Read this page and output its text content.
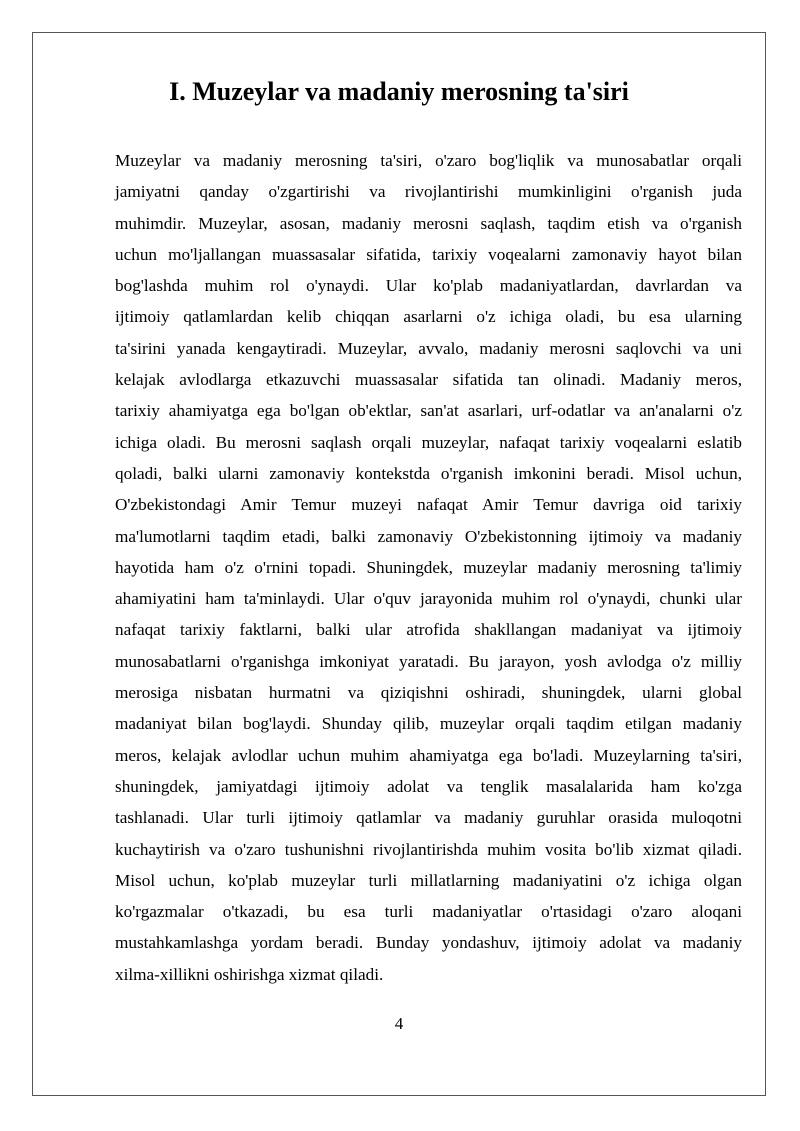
I. Muzeylar va madaniy merosning ta'siri
Muzeylar va madaniy merosning ta'siri, o'zaro bog'liqlik va munosabatlar orqali
jamiyatni qanday o'zgartirishi va rivojlantirishi mumkinligini o'rganish juda
muhimdir. Muzeylar, asosan, madaniy merosni saqlash, taqdim etish va o'rganish
uchun mo'ljallangan muassasalar sifatida, tarixiy voqealarni zamonaviy hayot bilan
bog'lashda muhim rol o'ynaydi. Ular ko'plab madaniyatlardan, davrlardan va
ijtimoiy qatlamlardan kelib chiqqan asarlarni o'z ichiga oladi, bu esa ularning
ta'sirini yanada kengaytiradi. Muzeylar, avvalo, madaniy merosni saqlovchi va uni
kelajak avlodlarga etkazuvchi muassasalar sifatida tan olinadi. Madaniy meros,
tarixiy ahamiyatga ega bo'lgan ob'ektlar, san'at asarlari, urf-odatlar va an'analarni o'z
ichiga oladi. Bu merosni saqlash orqali muzeylar, nafaqat tarixiy voqealarni eslatib
qoladi, balki ularni zamonaviy kontekstda o'rganish imkonini beradi. Misol uchun,
O'zbekistondagi Amir Temur muzeyi nafaqat Amir Temur davriga oid tarixiy
ma'lumotlarni taqdim etadi, balki zamonaviy O'zbekistonning ijtimoiy va madaniy
hayotida ham o'z o'rnini topadi. Shuningdek, muzeylar madaniy merosning ta'limiy
ahamiyatini ham ta'minlaydi. Ular o'quv jarayonida muhim rol o'ynaydi, chunki ular
nafaqat tarixiy faktlarni, balki ular atrofida shakllangan madaniyat va ijtimoiy
munosabatlarni o'rganishga imkoniyat yaratadi. Bu jarayon, yosh avlodga o'z milliy
merosiga nisbatan hurmatni va qiziqishni oshiradi, shuningdek, ularni global
madaniyat bilan bog'laydi. Shunday qilib, muzeylar orqali taqdim etilgan madaniy
meros, kelajak avlodlar uchun muhim ahamiyatga ega bo'ladi. Muzeylarning ta'siri,
shuningdek, jamiyatdagi ijtimoiy adolat va tenglik masalalarida ham ko'zga
tashlanadi. Ular turli ijtimoiy qatlamlar va madaniy guruhlar orasida muloqotni
kuchaytirish va o'zaro tushunishni rivojlantirishda muhim vosita bo'lib xizmat qiladi.
Misol uchun, ko'plab muzeylar turli millatlarning madaniyatini o'z ichiga olgan
ko'rgazmalar o'tkazadi, bu esa turli madaniyatlar o'rtasidagi o'zaro aloqani
mustahkamlashga yordam beradi. Bunday yondashuv, ijtimoiy adolat va madaniy
xilma-xillikni oshirishga xizmat qiladi.
4
